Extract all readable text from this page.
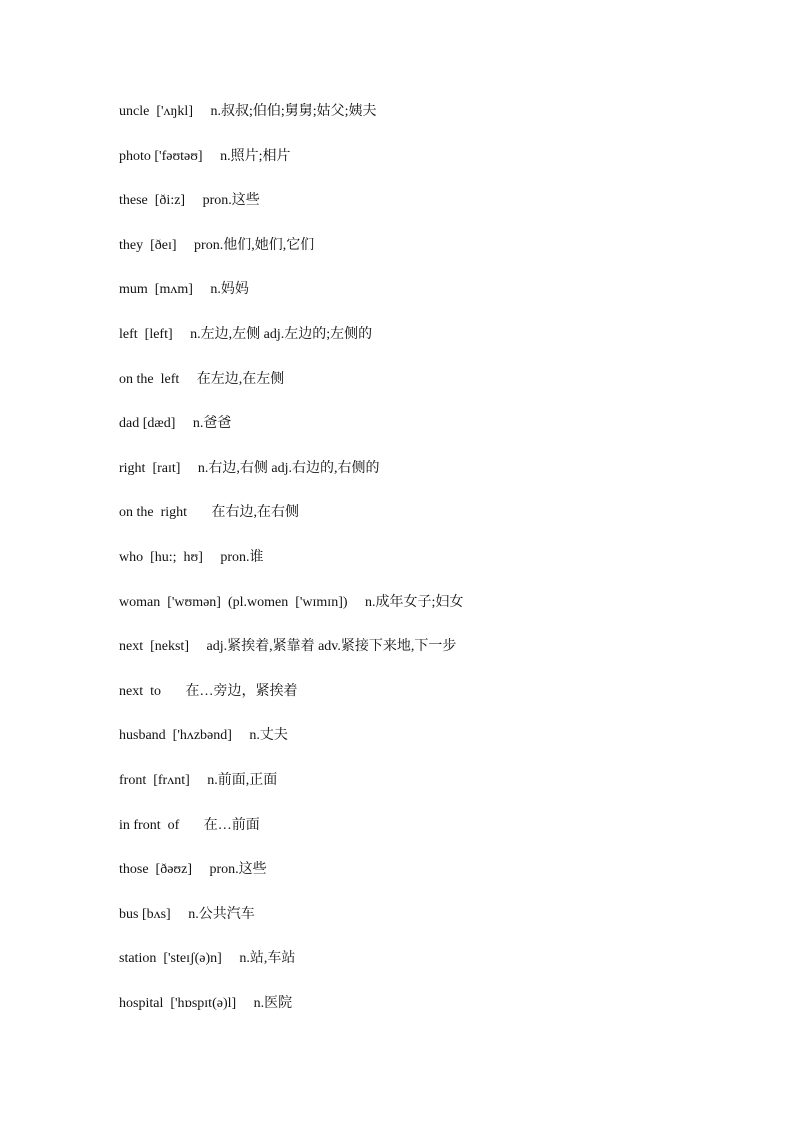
uncle  ['ʌŋkl]     n.叔叔;伯伯;舅舅;姑父;姨夫
photo ['fəʊtəʊ]     n.照片;相片
these  [ði:z]     pron.这些
they  [ðeɪ]     pron.他们,她们,它们
mum  [mʌm]     n.妈妈
left  [left]     n.左边,左侧 adj.左边的;左侧的
on the  left     在左边,在左侧
dad [dæd]     n.爸爸
right  [raɪt]     n.右边,右侧 adj.右边的,右侧的
on the  right       在右边,在右侧
who  [hu:;  hʊ]     pron.谁
woman  ['wʊmən]  (pl.women  ['wɪmɪn])     n.成年女子;妇女
next  [nekst]     adj.紧挨着,紧靠着 adv.紧接下来地,下一步
next  to       在…旁边，紧挨着
husband  ['hʌzbənd]     n.丈夫
front  [frʌnt]     n.前面,正面
in front  of       在…前面
those  [ðəʊz]     pron.这些
bus [bʌs]     n.公共汽车
station  ['steɪʃ(ə)n]     n.站,车站
hospital  ['hɒspɪt(ə)l]     n.医院
